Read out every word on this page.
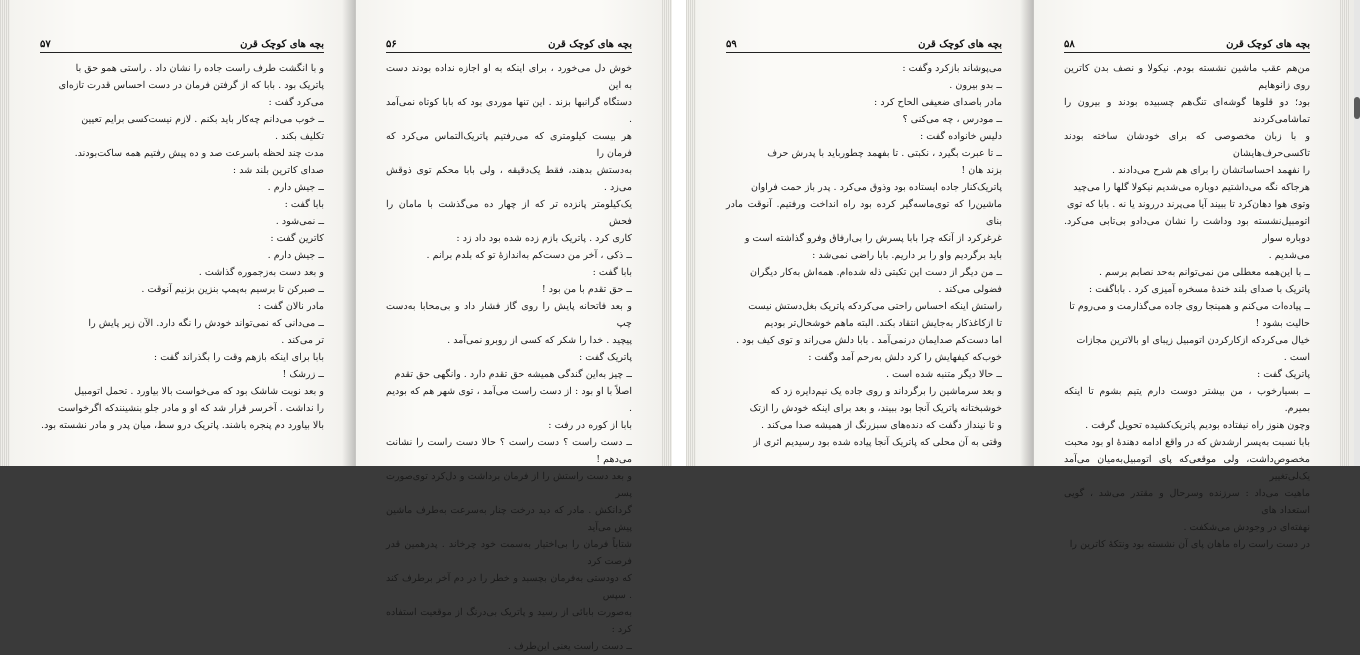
۵۷	بچه های کوچک قرن

و با انگشت طرف راست جاده را نشان داد . راستی همو حق با

پاتریک بود . بابا که از گرفتن فرمان در دست احساس قدرت تازه‌ای

می‌کرد گفت :

ــ خوب می‌دانم چه‌کار باید بکنم . لازم نیست‌کسی برایم تعیین

تکلیف بکند .

مدت چند لحظه باسرعت صد و ده پیش رفتیم همه ساکت‌بودند.

صدای کاترین بلند شد :

ــ جیش دارم .

بابا گفت :

ــ نمی‌شود .

کاترین گفت :

ــ جیش دارم .

و بعد دست به‌زجموره گذاشت .

ــ صبرکن تا برسیم به‌پمپ بنزین بزنیم آنوقت .

مادر نالان گفت :

ــ می‌دانی که نمی‌تواند خودش را نگه دارد. الآن زیر پایش را

تر می‌کند .

بابا برای اینکه بازهم وقت را بگذراند گفت :

ــ زرشک !

و بعد نوبت شاشک بود که می‌خواست بالا بیاورد . تحمل اتومبیل

را نداشت . آخرسر قرار شد که او و مادر جلو بنشینندکه اگرخواست

بالا بیاورد دم پنجره باشند. پاتریک درو سط، میان پدر و مادر نشسته بود.

۵۶	بچه های کوچک قرن

خوش دل می‌خورد ، برای اینکه به او اجازه نداده بودند دست به این

دستگاه گرانبها بزند . این تنها موردی بود که بابا کوتاه نمی‌آمد .

هر بیست کیلومتری که می‌رفتیم پاتریک‌التماس می‌کرد که فرمان را

به‌دستش بدهند، فقط یک‌دقیقه ، ولی بابا محکم توی ذوقش می‌زد .

یک‌کیلومتر پانزده تر که از چهار ده می‌گذشت با مامان را فحش

کاری کرد . پاتریک بازم زده شده بود داد زد :

ــ ذکی ، آخر من دست‌کم به‌اندازهٔ تو که بلدم برانم .

بابا گفت :

ــ حق تقدم با من بود !

و بعد فاتحانه پایش را روی گاز فشار داد و بی‌محابا به‌دست چپ

پیچید . خدا را شکر که کسی از روبرو نمی‌آمد .

پاتریک گفت :

ــ چیز به‌این گندگی همیشه حق تقدم دارد . وانگهی حق تقدم

اصلاً با او بود : از دست راست می‌آمد ، توی شهر هم که بودیم .

بابا از کوره در رفت :

ــ دست راست ؟ دست راست ؟ حالا دست راست را نشانت می‌دهم !

و بعد دست راستش را از فرمان برداشت و دل‌کرد توی‌صورت پسر

گردانکش . مادر که دید درخت چنار به‌سرعت به‌طرف ماشین پیش می‌آید

شتاباً فرمان را بی‌اختیار به‌سمت خود چرخاند . پدرهمین قدر فرصت کرد

که دودستی به‌فرمان بچسبد و خطر را در دم آخر برطرف کند . سپس

به‌صورت بابائی از رسید و پاتریک بی‌درنگ از موقعیت استفاده کرد :

ــ دست راست یعنی این‌طرف .

۵۹	بچه های کوچک قرن

می‌پوشاند بازکرد وگفت :

ــ بدو بیرون .

مادر باصدای ضعیفی الحاح کرد :

ــ مودرس ، چه می‌کنی ؟

دلیس خانواده گفت :

ــ تا عبرت بگیرد ، نکبتی . تا بفهمد چطورباید با پدرش حرف

بزند هان !

پاتریک‌کنار جاده ایستاده بود وذوق می‌کرد . پدر باز حمت فراوان

ماشین‌را که توی‌ماسه‌گیر کرده بود راه انداخت ورفتیم. آنوقت مادر بنای

غرغرکرد از آنکه چرا بابا پسرش را بی‌ارفاق وفرو گذاشته است و

باید برگردیم واو را بر داریم. بابا راضی نمی‌شد :

ــ من دیگر از دست این تکبتی ذله شده‌ام. همه‌اش به‌کار دیگران

فضولی می‌کند .

راستش اینکه احساس راحتی می‌کردکه پاتریک بغل‌دستش نیست

تا ازکاغذکار به‌جایش انتقاد بکند. البته ماهم خوشحال‌تر بودیم

اما دست‌کم صدایمان درنمی‌آمد . بابا دلش می‌راند و توی کیف بود .

خوب‌که کیفهایش را کرد دلش به‌رحم آمد وگفت :

ــ حالا دیگر متنبه شده است .

و بعد سرماشین را برگرداند و روی جاده یک نیم‌دایره زد که

خوشبختانه پاتریک آنجا بود ببیند، و بعد برای اینکه خودش را ازتک

و تا نینداز دگفت که دنده‌های سبزرنگ از همیشه صدا می‌کند .

وقتی به آن محلی که پاتریک آنجا پیاده شده بود رسیدیم اثری از

۵۸	بچه های کوچک قرن

من‌هم عقب ماشین نشسته بودم. نیکولا و نصف بدن کاترین روی زانوهایم

بود؛ دو قلوها گوشه‌ای تنگ‌هم چسبیده بودند و بیرون را تماشامی‌کردند

و با زبان مخصوصی که برای خودشان ساخته بودند تاکسی‌حرف‌هایشان

را نفهمد احساساتشان را برای هم شرح می‌دادند .

هرجاکه نگه می‌داشتیم دوباره می‌شدیم نیکولا گلها را می‌چید

وتوی هوا دهان‌کرد تا ببیند آیا می‌پرند درروند یا نه . بابا که توی

اتومبیل‌نشسته بود وداشت را نشان می‌دادو بی‌تابی می‌کرد. دوباره سوار

می‌شدیم .

ــ با این‌همه معطلی من نمی‌توانم به‌حد نصابم برسم .

پاتریک با صدای بلند خندهٔ مسخره آمیزی کرد . باباگفت :

ــ پیاده‌ات می‌کنم و همینجا روی جاده می‌گذارمت و می‌روم تا

حالیت بشود !

خیال می‌کردکه ازکارکردن اتومبیل زیبای او بالاترین مجازات

است .

پاتریک گفت :

ــ بسیارخوب ، من بیشتر دوست دارم یتیم بشوم تا اینکه بمیرم.

وچون هنوز راه نیفتاده بودیم پاتریک‌کشیده تحویل گرفت .

بابا نسبت به‌پسر ارشدش که در واقع ادامه دهندهٔ او بود محبت

مخصوص‌داشت، ولی موقعی‌که پای اتومبیل‌به‌میان می‌آمد یک‌لی‌تغییر

ماهیت می‌داد : سرزنده وسرحال و مقتدر می‌شد ، گویی استعداد های

نهفته‌ای در وجودش می‌شکفت .

در دست راست راه ماهان پای آن نشسته بود ونتکهٔ کاترین را
